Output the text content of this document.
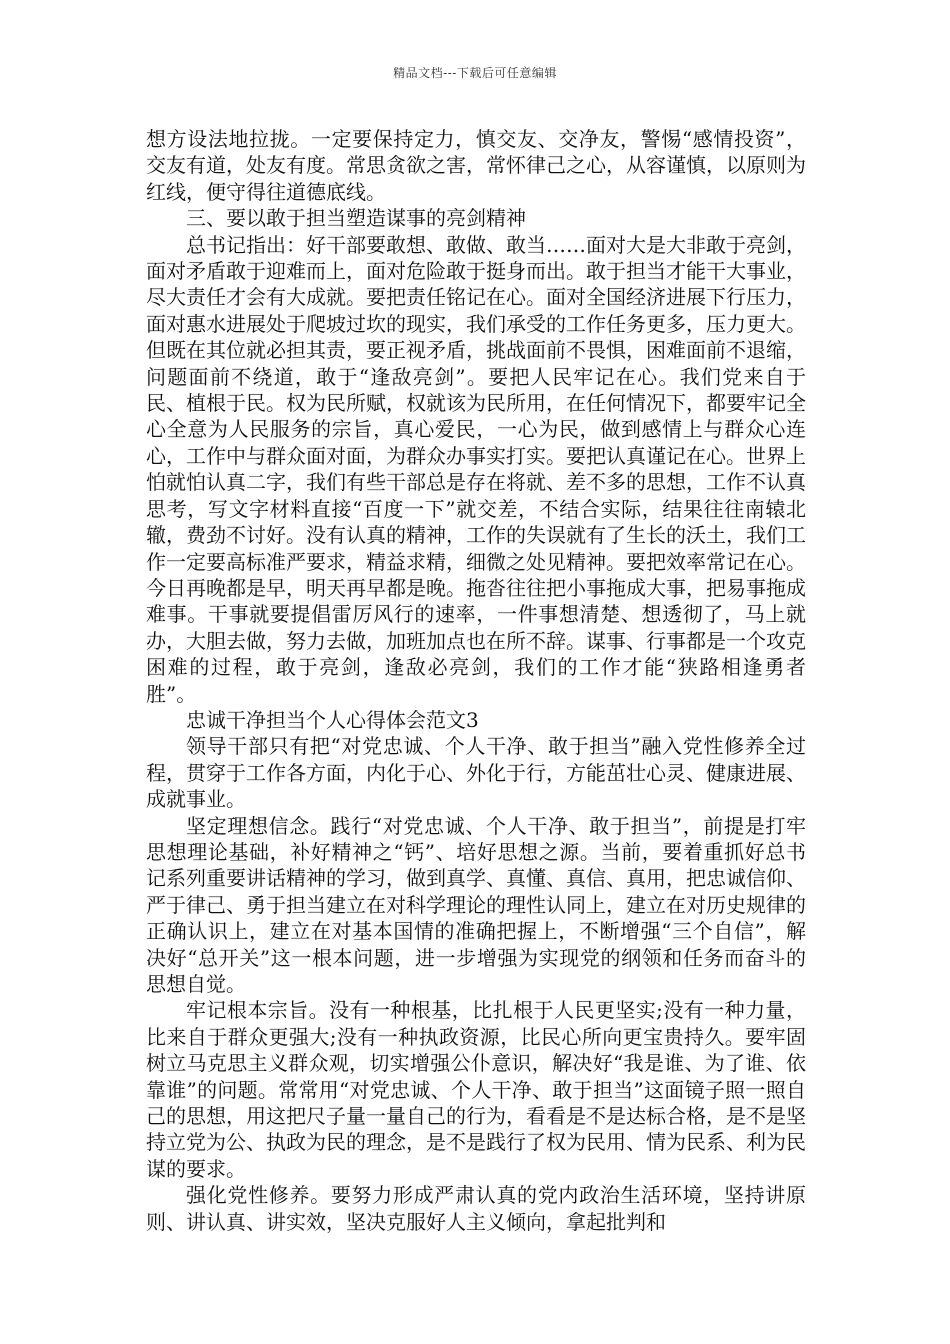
精品文档---下载后可任意编辑

想方设法地拉拢。一定要保持定力，慎交友、交净友，警惕“感情投资”，交友有道，处友有度。常思贪欲之害，常怀律己之心，从容谨慎，以原则为红线，便守得往道德底线。

三、要以敢于担当塑造谋事的亮剑精神

总书记指出：好干部要敢想、敢做、敢当……面对大是大非敢于亮剑，面对矛盾敢于迎难而上，面对危险敢于挺身而出。敢于担当才能干大事业，尽大责任才会有大成就。要把责任铭记在心。面对全国经济进展下行压力，面对惠水进展处于爬坡过坎的现实，我们承受的工作任务更多，压力更大。但既在其位就必担其责，要正视矛盾，挑战面前不畏惧，困难面前不退缩，问题面前不绕道，敢于“逢敌亮剑”。要把人民牢记在心。我们党来自于民、植根于民。权为民所赋，权就该为民所用，在任何情况下，都要牢记全心全意为人民服务的宗旨，真心爱民，一心为民，做到感情上与群众心连心，工作中与群众面对面，为群众办事实打实。要把认真谨记在心。世界上怕就怕认真二字，我们有些干部总是存在将就、差不多的思想，工作不认真思考，写文字材料直接“百度一下”就交差，不结合实际，结果往往南辕北辙，费劲不讨好。没有认真的精神，工作的失误就有了生长的沃土，我们工作一定要高标准严要求，精益求精，细微之处见精神。要把效率常记在心。今日再晚都是早，明天再早都是晚。拖沓往往把小事拖成大事，把易事拖成难事。干事就要提倡雷厉风行的速率，一件事想清楚、想透彻了，马上就办，大胆去做，努力去做，加班加点也在所不辞。谋事、行事都是一个攻克困难的过程，敢于亮剑，逢敌必亮剑，我们的工作才能“狭路相逢勇者胜”。

忠诚干净担当个人心得体会范文3

领导干部只有把“对党忠诚、个人干净、敢于担当”融入党性修养全过程，贯穿于工作各方面，内化于心、外化于行，方能茁壮心灵、健康进展、成就事业。

坚定理想信念。践行“对党忠诚、个人干净、敢于担当”，前提是打牢思想理论基础，补好精神之“钙”、培好思想之源。当前，要着重抓好总书记系列重要讲话精神的学习，做到真学、真懂、真信、真用，把忠诚信仰、严于律己、勇于担当建立在对科学理论的理性认同上，建立在对历史规律的正确认识上，建立在对基本国情的准确把握上，不断增强“三个自信”，解决好“总开关”这一根本问题，进一步增强为实现党的纲领和任务而奋斗的思想自觉。

牢记根本宗旨。没有一种根基，比扎根于人民更坚实;没有一种力量，比来自于群众更强大;没有一种执政资源，比民心所向更宝贵持久。要牢固树立马克思主义群众观，切实增强公仆意识，解决好“我是谁、为了谁、依靠谁”的问题。常常用“对党忠诚、个人干净、敢于担当”这面镜子照一照自己的思想，用这把尺子量一量自己的行为，看看是不是达标合格，是不是坚持立党为公、执政为民的理念，是不是践行了权为民用、情为民系、利为民谋的要求。

强化党性修养。要努力形成严肃认真的党内政治生活环境，坚持讲原则、讲认真、讲实效，坚决克服好人主义倾向，拿起批判和
